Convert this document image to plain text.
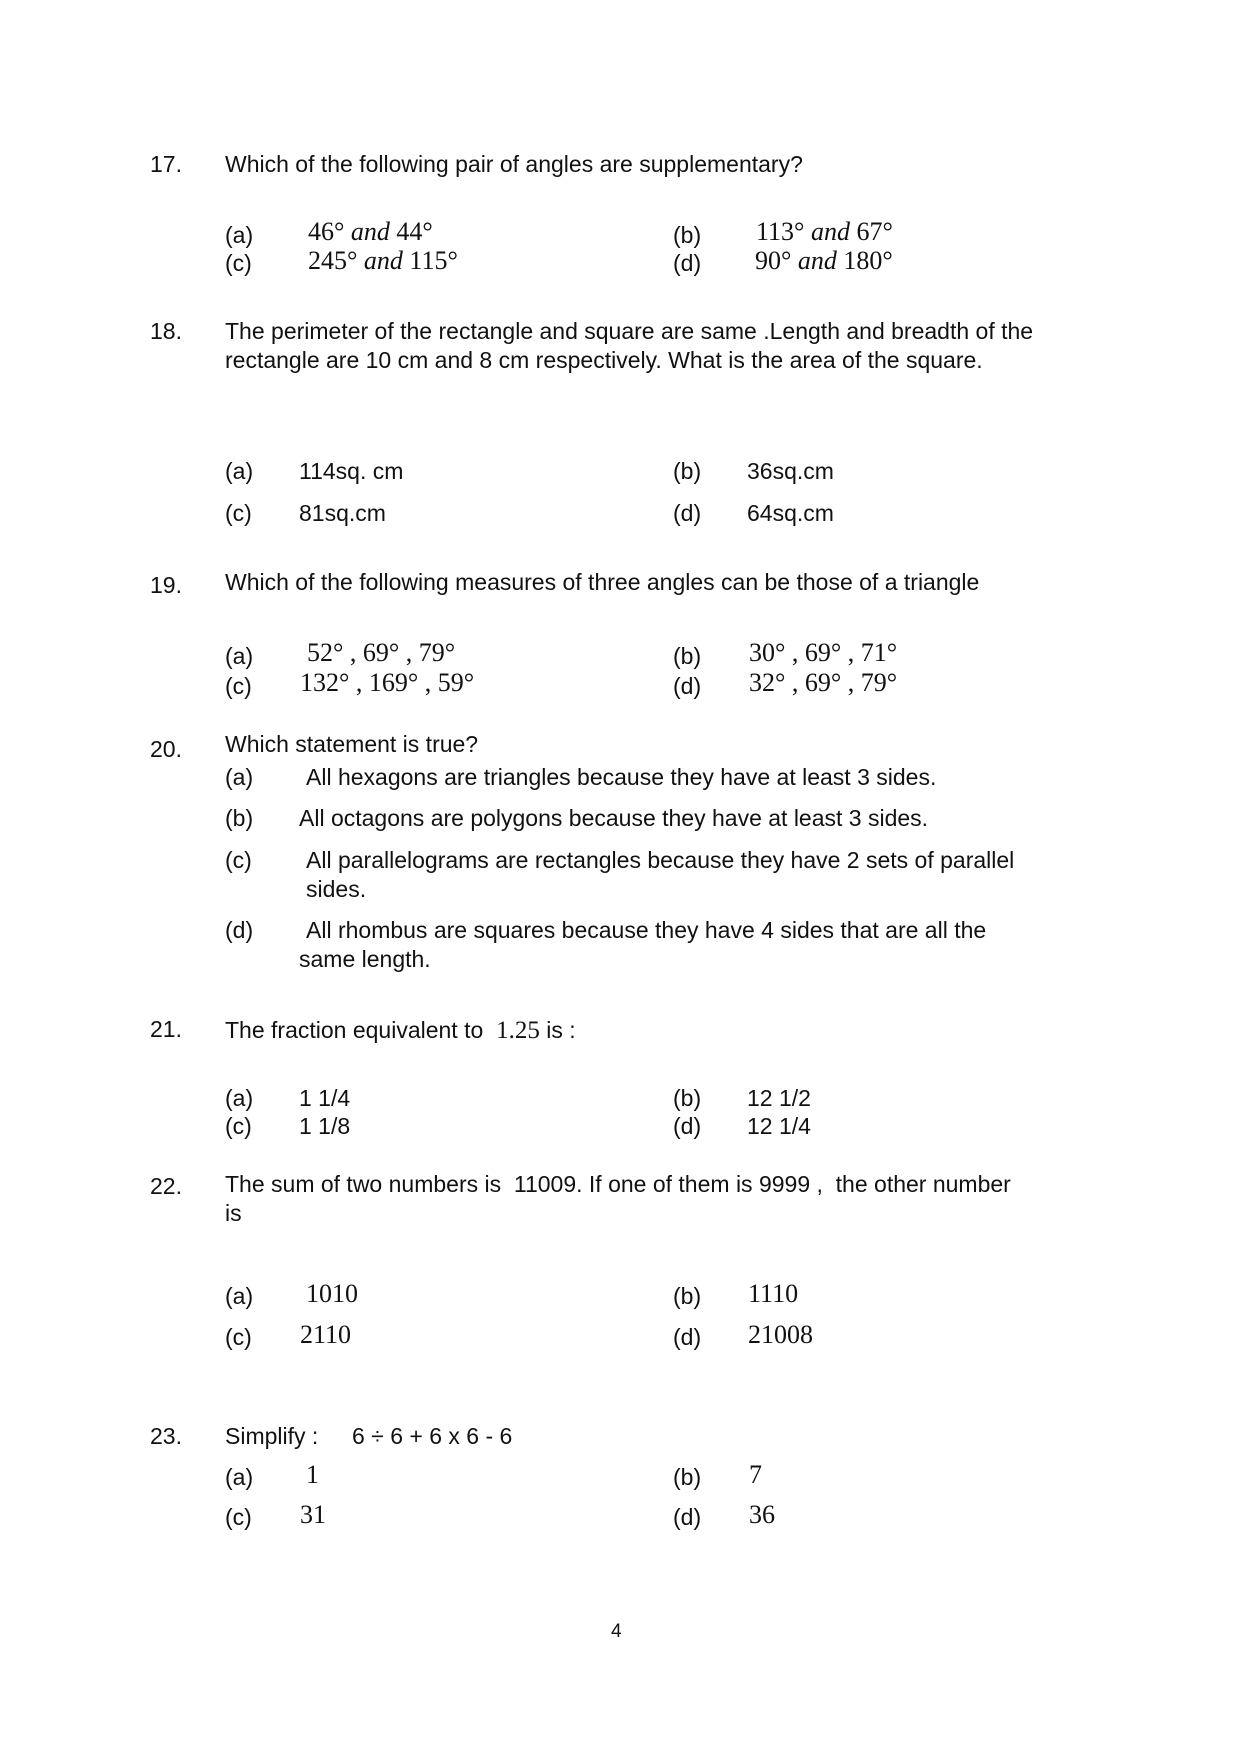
17. Which of the following pair of angles are supplementary?
(a) 46° and 44°	(b) 113° and 67°
(c) 245° and 115°	(d) 90° and 180°
18. The perimeter of the rectangle and square are same .Length and breadth of the rectangle are 10 cm and 8 cm respectively. What is the area of the square.
(a) 114sq. cm	(b) 36sq.cm
(c) 81sq.cm	(d) 64sq.cm
19. Which of the following measures of three angles can be those of a triangle
(a) 52° , 69° , 79°	(b) 30° , 69° , 71°
(c) 132° , 169° , 59°	(d) 32° , 69° , 79°
20. Which statement is true?
(a) All hexagons are triangles because they have at least 3 sides.
(b) All octagons are polygons because they have at least 3 sides.
(c) All parallelograms are rectangles because they have 2 sets of parallel
sides.
(d) All rhombus are squares because they have 4 sides that are all the
same length.
21. The fraction equivalent to 1.25 is :
(a) 1 1/4	(b) 12 1/2
(c) 1 1/8	(d) 12 1/4
22. The sum of two numbers is  11009. If one of them is 9999 ,  the other number
is
(a) 1010	(b) 1110
(c) 2110	(d) 21008
23. Simplify : 6 ÷ 6 + 6 x 6 - 6
(a) 1	(b) 7
(c) 31	(d) 36
4
